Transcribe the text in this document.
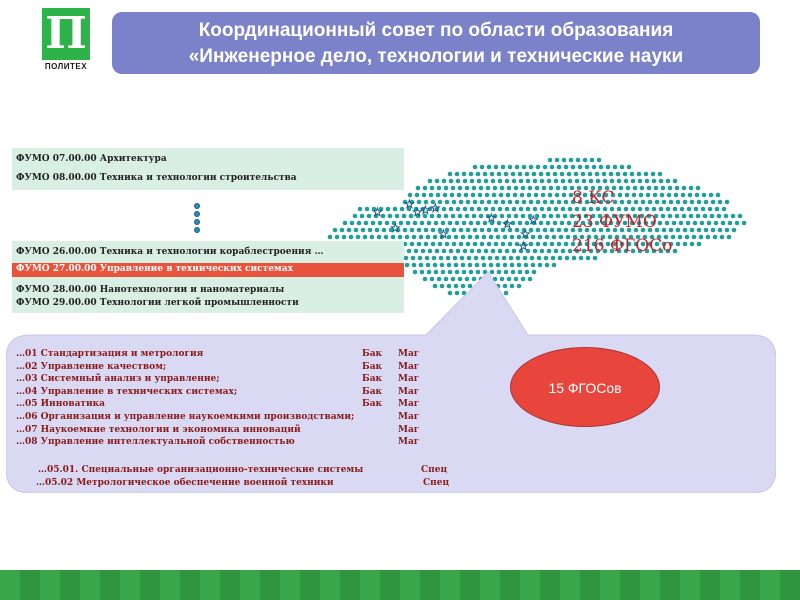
П
ПОЛИТЕХ
Координационный совет по области образования
«Инженерное дело, технологии и технические науки
☆
☆
☆
☆ ☆
☆	☆
☆ ☆
☆
☆
☆
ФУМО 07.00.00 Архитектура
ФУМО 08.00.00 Техника и технологии строительства
ФУМО 26.00.00 Техника и технологии кораблестроения …
ФУМО 27.00.00 Управление в технических системах
ФУМО 28.00.00 Нанотехнологии и наноматериалы
ФУМО 29.00.00 Технологии легкой промышленности
8 КС
23 ФУМО
216 ФГОСо
15 ФГОСов
…01 Стандартизация и метрология	Бак Маг
…02 Управление качеством;	Бак Маг
…03 Системный анализ и управление;	Бак Маг
…04 Управление в технических системах;	Бак Маг
…05 Инноватика	Бак Маг
…06 Организация и управление наукоемкими производствами;	Маг
…07 Наукоемкие технологии и экономика инноваций	Маг
…08 Управление интеллектуальной собственностью	Маг
…05.01. Специальные организационно-технические системы	Спец
…05.02 Метрологическое обеспечение военной техники	Спец
